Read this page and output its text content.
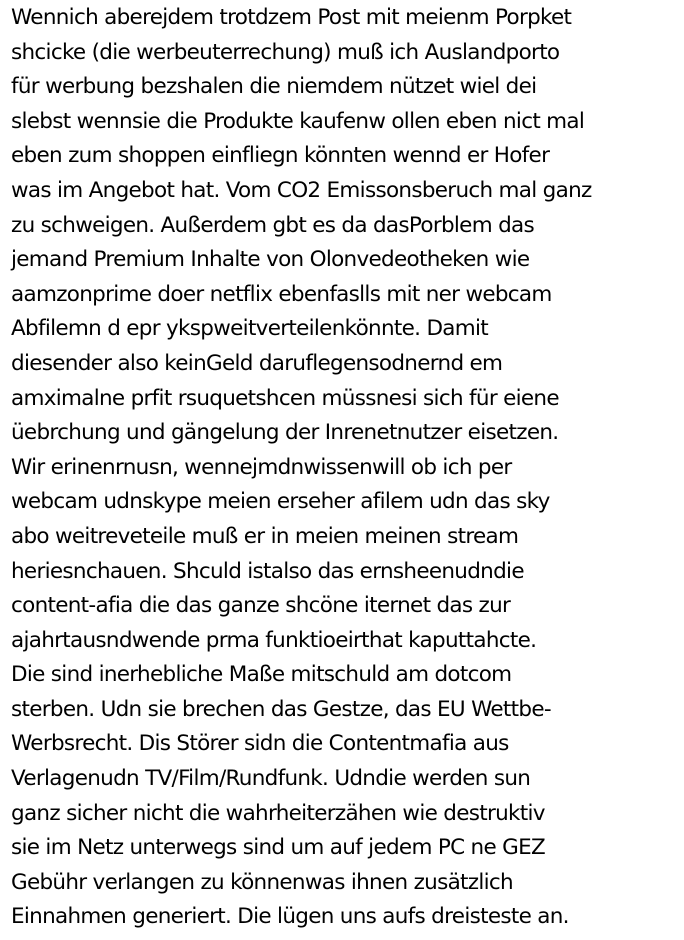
Wennich aberejdem trotdzem Post mit meienm Porpket
shcicke (die werbeuterrechung) muß ich Auslandporto
für werbung bezshalen die niemdem nützet wiel dei
slebst wennsie die Produkte kaufenw ollen eben nict mal
eben zum shoppen einfliegn könnten wennd er Hofer
was im Angebot hat. Vom CO2 Emissonsberuch mal ganz
zu schweigen. Außerdem gbt es da dasPorblem das
jemand Premium Inhalte von Olonvedeotheken wie
aamzonprime doer netflix ebenfaslls mit ner webcam
Abfilemn d epr ykspweitverteilenkönnte. Damit
diesender also keinGeld daruflegensodnernd em
amximalne prfit rsuquetshcen müssnesi sich für eiene
üebrchung und gängelung der Inrenetnutzer eisetzen.
Wir erinenrnusn, wennejmdnwissenwill ob ich per
webcam udnskype meien erseher afilem udn das sky
abo weitreveteile muß er in meien meinen stream
heriesnchauen. Shculd istalso das ernsheenudndie
content-afia die das ganze shcöne iternet das zur
ajahrtausndwende prma funktioeirthat kaputtahcte.
Die sind inerhebliche Maße mitschuld am dotcom
sterben. Udn sie brechen das Gestze, das EU Wettbe-
Werbsrecht. Dis Störer sidn die Contentmafia aus
Verlagenudn TV/Film/Rundfunk. Udndie werden sun
ganz sicher nicht die wahrheiterzähen wie destruktiv
sie im Netz unterwegs sind um auf jedem PC ne GEZ
Gebühr verlangen zu könnenwas ihnen zusätzlich
Einnahmen generiert. Die lügen uns aufs dreisteste an.
